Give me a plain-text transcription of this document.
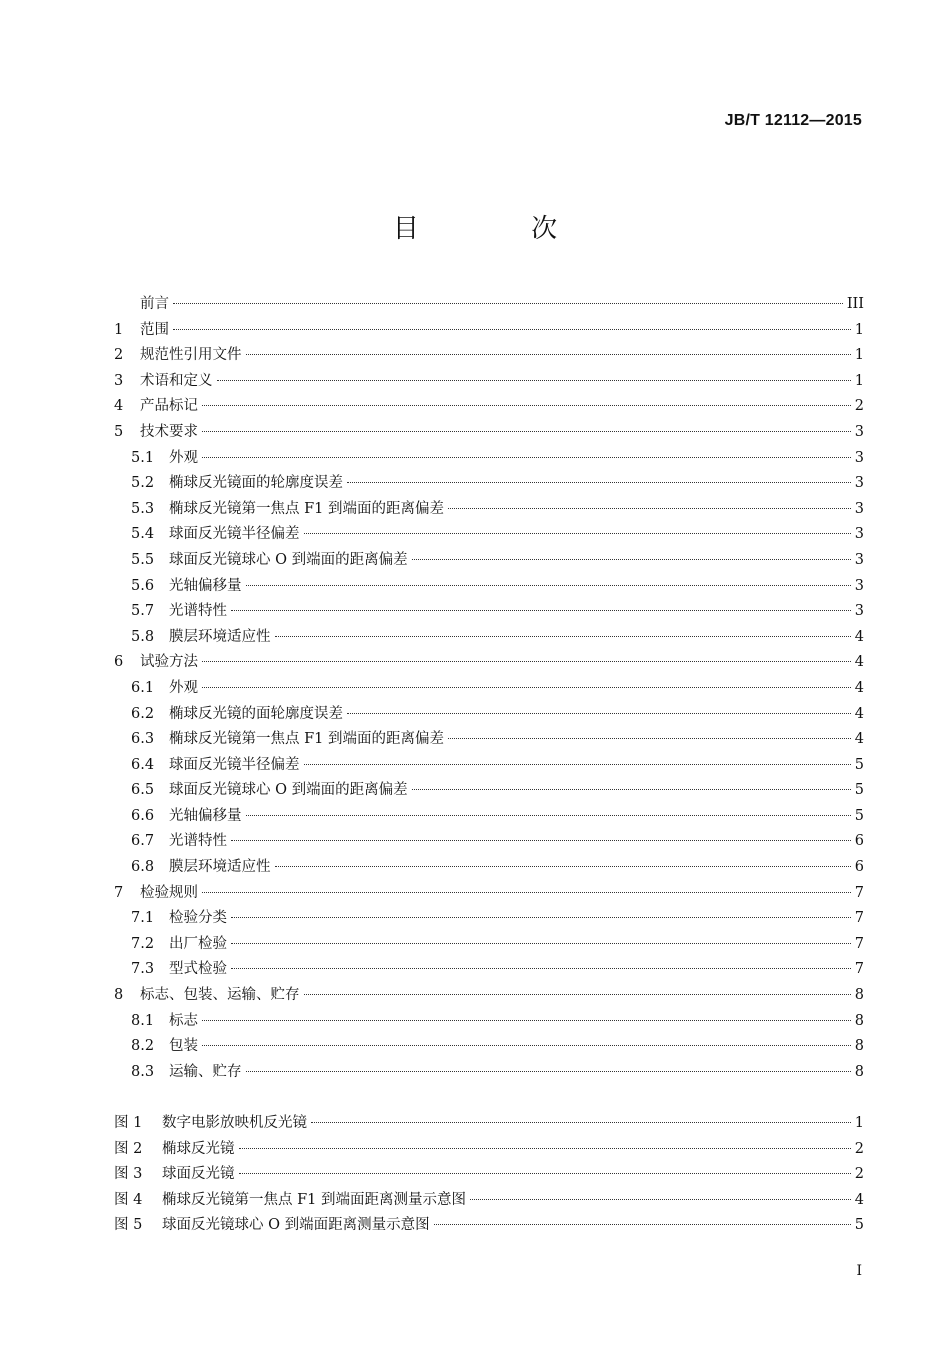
JB/T 12112—2015
目 次
前言	III
1	范围	1
2	规范性引用文件	1
3	术语和定义	1
4	产品标记	2
5	技术要求	3
5.1	外观	3
5.2	椭球反光镜面的轮廓度误差	3
5.3	椭球反光镜第一焦点 F1 到端面的距离偏差	3
5.4	球面反光镜半径偏差	3
5.5	球面反光镜球心 O 到端面的距离偏差	3
5.6	光轴偏移量	3
5.7	光谱特性	3
5.8	膜层环境适应性	4
6	试验方法	4
6.1	外观	4
6.2	椭球反光镜的面轮廓度误差	4
6.3	椭球反光镜第一焦点 F1 到端面的距离偏差	4
6.4	球面反光镜半径偏差	5
6.5	球面反光镜球心 O 到端面的距离偏差	5
6.6	光轴偏移量	5
6.7	光谱特性	6
6.8	膜层环境适应性	6
7	检验规则	7
7.1	检验分类	7
7.2	出厂检验	7
7.3	型式检验	7
8	标志、包装、运输、贮存	8
8.1	标志	8
8.2	包装	8
8.3	运输、贮存	8
图 1	数字电影放映机反光镜	1
图 2	椭球反光镜	2
图 3	球面反光镜	2
图 4	椭球反光镜第一焦点 F1 到端面距离测量示意图	4
图 5	球面反光镜球心 O 到端面距离测量示意图	5
I
